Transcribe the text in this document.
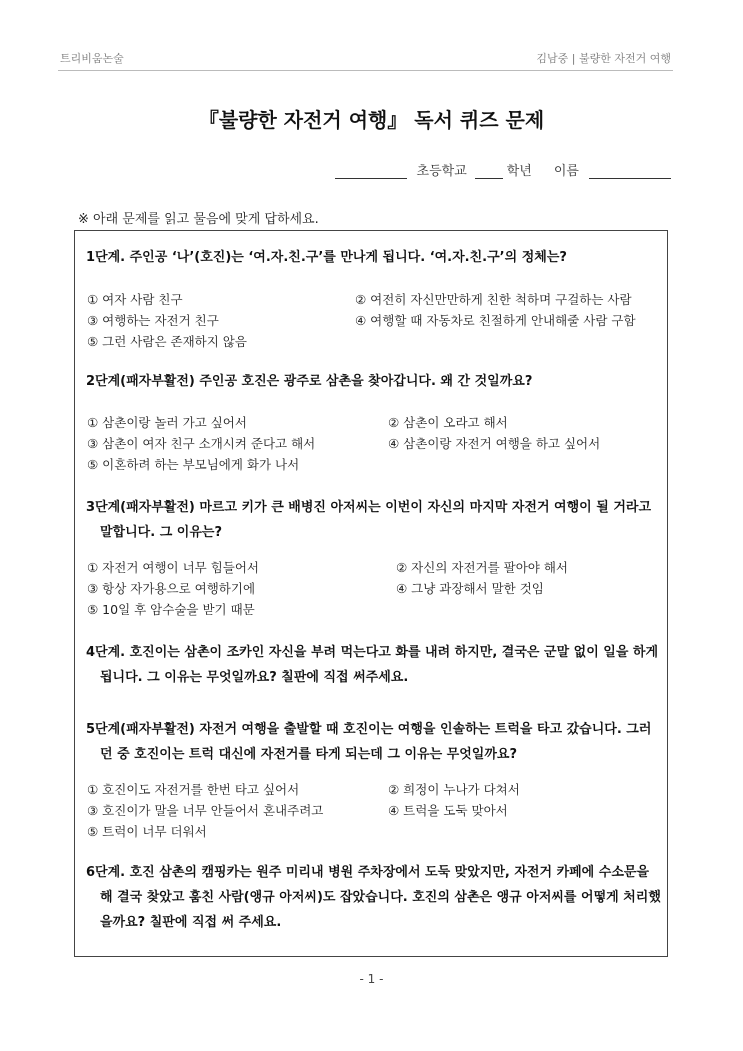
트리비움논술	김남중 | 불량한 자전거 여행
『불량한 자전거 여행』 독서 퀴즈 문제
초등학교	학년 이름
※ 아래 문제를 읽고 물음에 맞게 답하세요.
1단계. 주인공 ‘나’(호진)는 ‘여.자.친.구’를 만나게 됩니다. ‘여.자.친.구’의 정체는?
① 여자 사람 친구	② 여전히 자신만만하게 친한 척하며 구걸하는 사람
③ 여행하는 자전거 친구	④ 여행할 때 자동차로 친절하게 안내해줄 사람 구함
⑤ 그런 사람은 존재하지 않음
2단계(패자부활전) 주인공 호진은 광주로 삼촌을 찾아갑니다. 왜 간 것일까요?
① 삼촌이랑 놀러 가고 싶어서	② 삼촌이 오라고 해서
③ 삼촌이 여자 친구 소개시켜 준다고 해서	④ 삼촌이랑 자전거 여행을 하고 싶어서
⑤ 이혼하려 하는 부모님에게 화가 나서
3단계(패자부활전) 마르고 키가 큰 배병진 아저씨는 이번이 자신의 마지막 자전거 여행이 될 거라고 말합니다. 그 이유는?
① 자전거 여행이 너무 힘들어서	② 자신의 자전거를 팔아야 해서
③ 항상 자가용으로 여행하기에	④ 그냥 과장해서 말한 것임
⑤ 10일 후 암수술을 받기 때문
4단계. 호진이는 삼촌이 조카인 자신을 부려 먹는다고 화를 내려 하지만, 결국은 군말 없이 일을 하게 됩니다. 그 이유는 무엇일까요? 칠판에 직접 써주세요.
5단계(패자부활전) 자전거 여행을 출발할 때 호진이는 여행을 인솔하는 트럭을 타고 갔습니다. 그러던 중 호진이는 트럭 대신에 자전거를 타게 되는데 그 이유는 무엇일까요?
① 호진이도 자전거를 한번 타고 싶어서	② 희정이 누나가 다쳐서
③ 호진이가 말을 너무 안들어서 혼내주려고	④ 트럭을 도둑 맞아서
⑤ 트럭이 너무 더워서
6단계. 호진 삼촌의 캠핑카는 원주 미리내 병원 주차장에서 도둑 맞았지만, 자전거 카페에 수소문을 해 결국 찾았고 훔친 사람(앵규 아저씨)도 잡았습니다. 호진의 삼촌은 앵규 아저씨를 어떻게 처리했을까요? 칠판에 직접 써 주세요.
- 1 -
